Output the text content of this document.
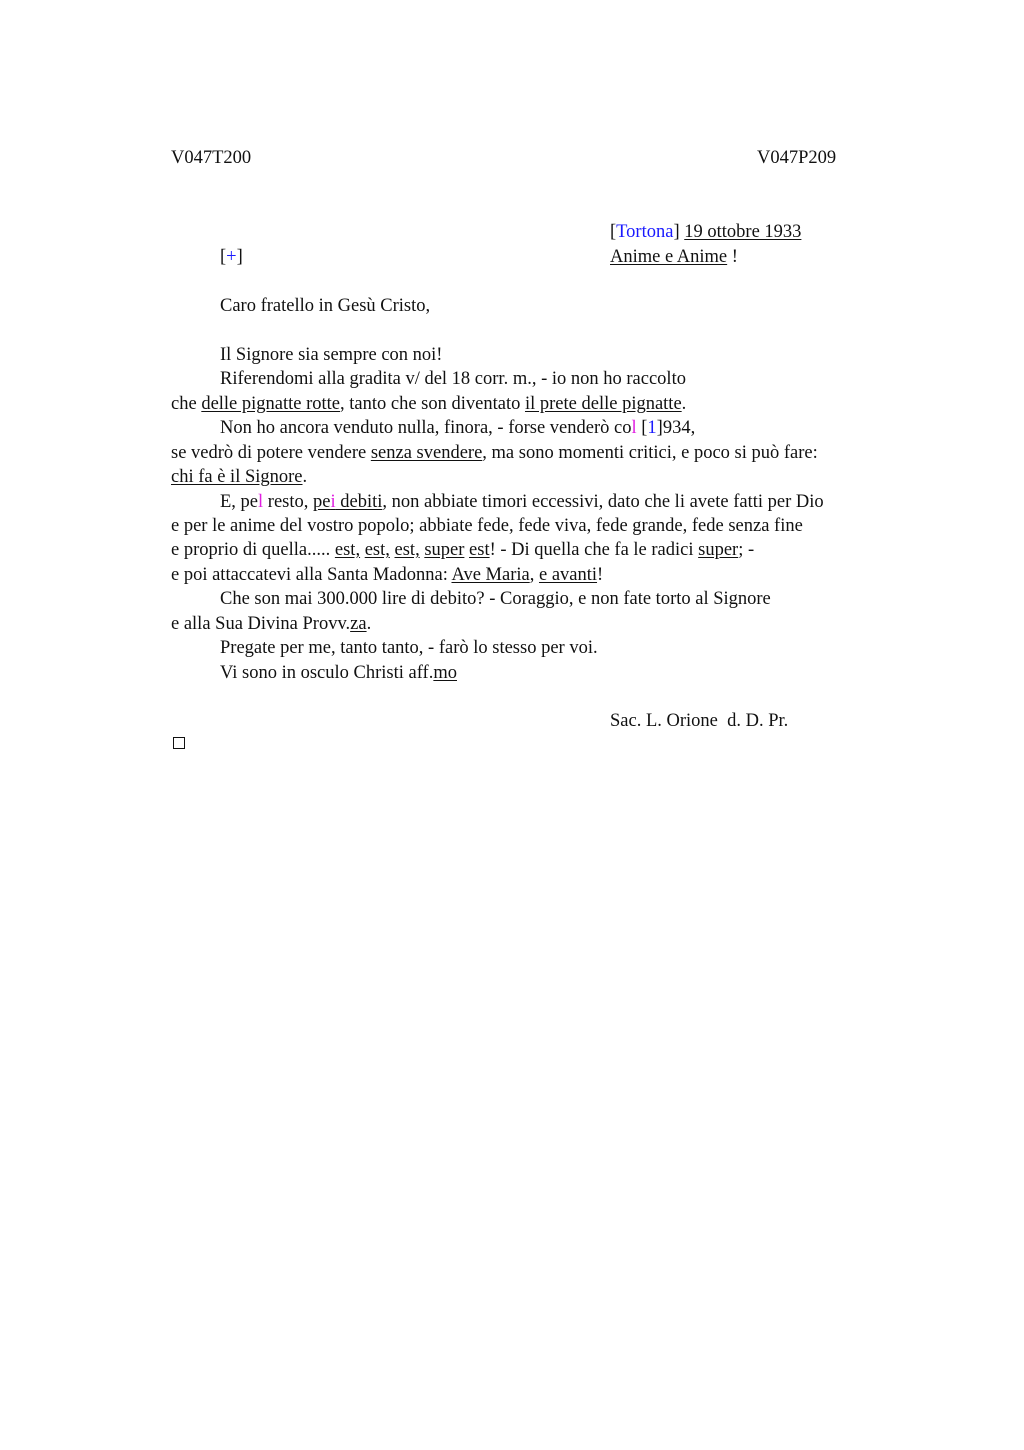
V047T200	V047P209
[Tortona] 19 ottobre 1933
Anime e Anime !
[+]
Caro fratello in Gesù Cristo,
Il Signore sia sempre con noi!
Riferendomi alla gradita v/ del 18 corr. m., - io non ho raccolto
che delle pignatte rotte, tanto che son diventato il prete delle pignatte.
Non ho ancora venduto nulla, finora, - forse venderò col [1]934,
se vedrò di potere vendere senza svendere, ma sono momenti critici, e poco si può fare:
chi fa è il Signore.
E, pel resto, pei debiti, non abbiate timori eccessivi, dato che li avete fatti per Dio
e per le anime del vostro popolo; abbiate fede, fede viva, fede grande, fede senza fine
e proprio di quella..... est, est, est, super est! - Di quella che fa le radici super; -
e poi attaccatevi alla Santa Madonna: Ave Maria, e avanti!
Che son mai 300.000 lire di debito? - Coraggio, e non fate torto al Signore
e alla Sua Divina Provv.za.
Pregate per me, tanto tanto, - farò lo stesso per voi.
Vi sono in osculo Christi aff.mo
Sac. L. Orione  d. D. Pr.
